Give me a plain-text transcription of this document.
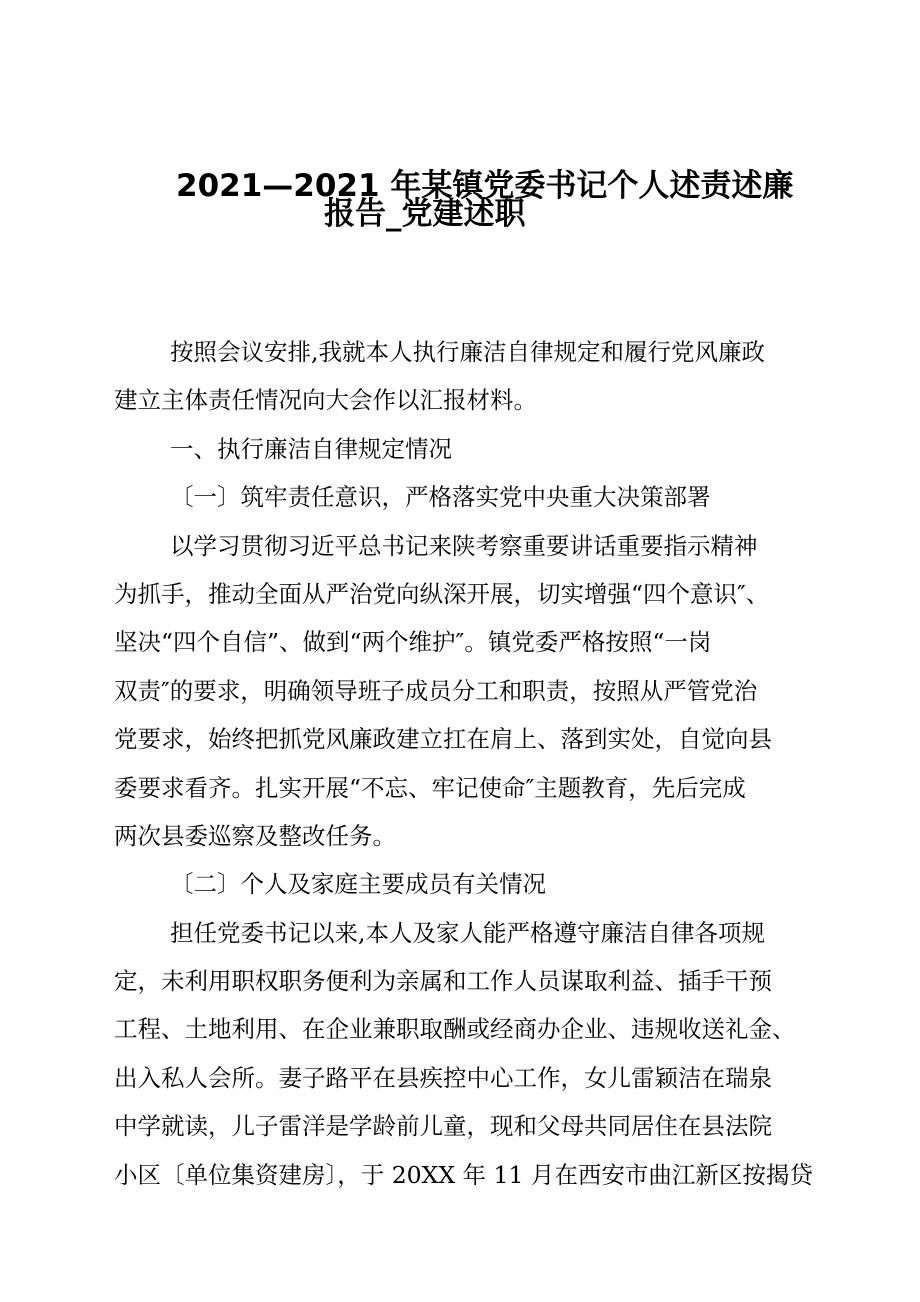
2021—2021 年某镇党委书记个人述责述廉
报告_党建述职
按照会议安排,我就本人执行廉洁自律规定和履行党风廉政
建立主体责任情况向大会作以汇报材料。
一、执行廉洁自律规定情况
〔一〕筑牢责任意识，严格落实党中央重大决策部署
以学习贯彻习近平总书记来陕考察重要讲话重要指示精神
为抓手，推动全面从严治党向纵深开展，切实增强“四个意识″、
坚决“四个自信”、做到“两个维护″。镇党委严格按照“一岗
双责″的要求，明确领导班子成员分工和职责，按照从严管党治
党要求，始终把抓党风廉政建立扛在肩上、落到实处，自觉向县
委要求看齐。扎实开展“不忘、牢记使命″主题教育，先后完成
两次县委巡察及整改任务。
〔二〕个人及家庭主要成员有关情况
担任党委书记以来,本人及家人能严格遵守廉洁自律各项规
定，未利用职权职务便利为亲属和工作人员谋取利益、插手干预
工程、土地利用、在企业兼职取酬或经商办企业、违规收送礼金、
出入私人会所。妻子路平在县疾控中心工作，女儿雷颖洁在瑞泉
中学就读，儿子雷洋是学龄前儿童，现和父母共同居住在县法院
小区〔单位集资建房〕，于 20XX 年 11 月在西安市曲江新区按揭贷
